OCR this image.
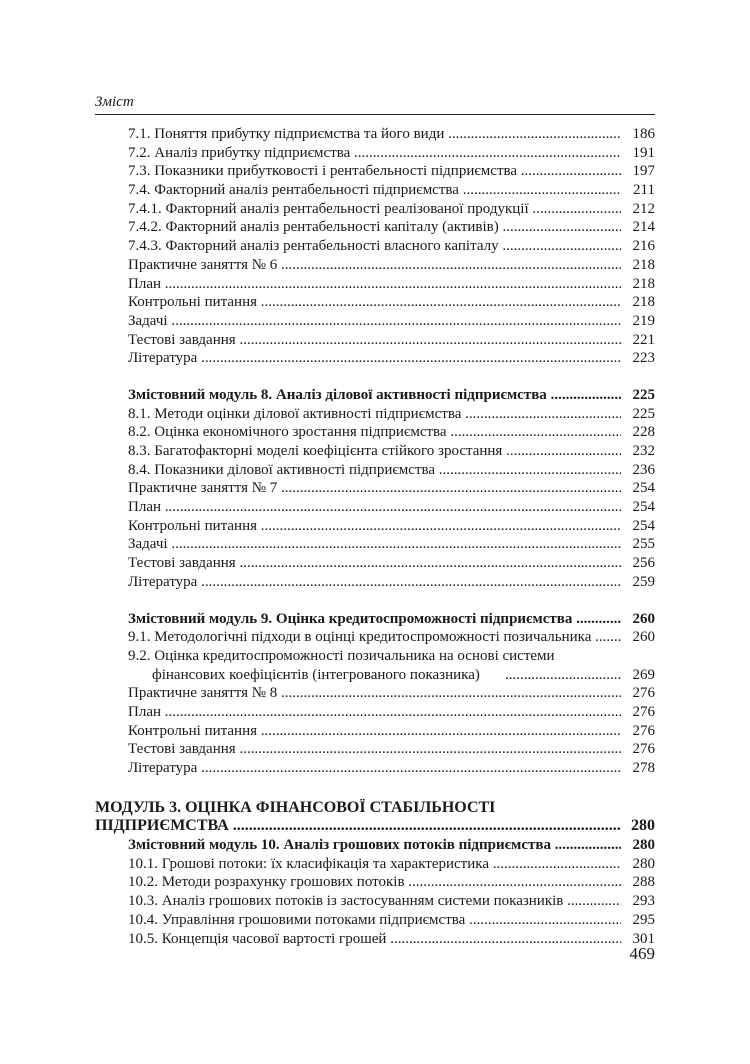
Зміст
7.1. Поняття прибутку підприємства та його види .....	186
7.2. Аналіз прибутку підприємства .....	191
7.3. Показники прибутковості і рентабельності підприємства .....	197
7.4. Факторний аналіз рентабельності підприємства .....	211
7.4.1. Факторний аналіз рентабельності реалізованої продукції .....	212
7.4.2. Факторний аналіз рентабельності капіталу (активів) .....	214
7.4.3. Факторний аналіз рентабельності власного капіталу .....	216
Практичне заняття № 6 .....	218
План .....	218
Контрольні питання .....	218
Задачі .....	219
Тестові завдання .....	221
Література .....	223
Змістовний модуль 8. Аналіз ділової активності підприємства .....	225
8.1. Методи оцінки ділової активності підприємства .....	225
8.2. Оцінка економічного зростання підприємства .....	228
8.3. Багатофакторні моделі коефіцієнта стійкого зростання .....	232
8.4. Показники ділової активності підприємства .....	236
Практичне заняття № 7 .....	254
План .....	254
Контрольні питання .....	254
Задачі .....	255
Тестові завдання .....	256
Література .....	259
Змістовний модуль 9. Оцінка кредитоспроможності підприємства .....	260
9.1. Методологічні підходи в оцінці кредитоспроможності позичальника .....	260
9.2. Оцінка кредитоспроможності позичальника на основі системи
фінансових коефіцієнтів (інтегрованого показника) .....	269
Практичне заняття № 8 .....	276
План .....	276
Контрольні питання .....	276
Тестові завдання .....	276
Література .....	278
МОДУЛЬ 3. ОЦІНКА ФІНАНСОВОЇ СТАБІЛЬНОСТІ
ПІДПРИЄМСТВА .....	280
Змістовний модуль 10. Аналіз грошових потоків підприємства .....	280
10.1. Грошові потоки: їх класифікація та характеристика .....	280
10.2. Методи розрахунку грошових потоків .....	288
10.3. Аналіз грошових потоків із застосуванням системи показників .....	293
10.4. Управління грошовими потоками підприємства .....	295
10.5. Концепція часової вартості грошей .....	301
469
